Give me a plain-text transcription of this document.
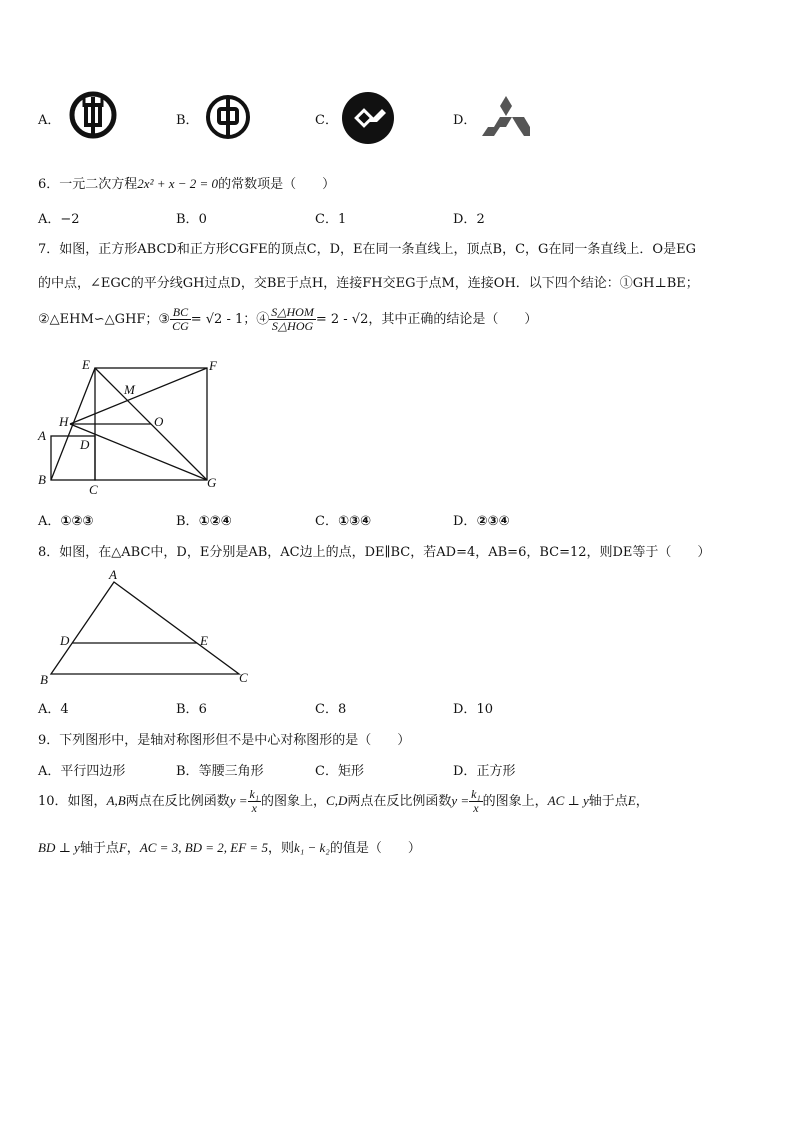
A．	B．	C．	D．
6．一元二次方程2x² + x − 2 = 0的常数项是（　　）
A．−2	B．0	C．1	D．2
7．如图，正方形ABCD和正方形CGFE的顶点C，D，E在同一条直线上，顶点B，C，G在同一条直线上．O是EG
的中点，∠EGC的平分线GH过点D，交BE于点H，连接FH交EG于点M，连接OH．以下四个结论：①GH⊥BE；
②△EHM∽△GHF；③ $\frac{BC}{CG} = √2 - 1$；④ $\frac{\text{S△HOM}}{\text{S△HOG}} = 2 - √2$，其中正确的结论是（　　）
E	F
M
H	O
A
D
B
C	G
A．①②③	B．①②④	C．①③④	D．②③④
8．如图，在△ABC中，D，E分别是AB，AC边上的点，DE∥BC，若AD=4，AB=6，BC=12，则DE等于（　　）
A
D	E
B	C
A．4	B．6	C．8	D．10
9．下列图形中，是轴对称图形但不是中心对称图形的是（　　）
A．平行四边形	B．等腰三角形	C．矩形	D．正方形
10．如图，A,B两点在反比例函数$y = \frac{\text{k₁}}{x}$ 的图象上，C,D两点在反比例函数$y = \frac{\text{k₁}}{x}$ 的图象上，AC ⊥ y轴于点E，
BD ⊥ y轴于点F，AC = 3, BD = 2, EF = 5，则k₁ − k₂的值是（　　）
